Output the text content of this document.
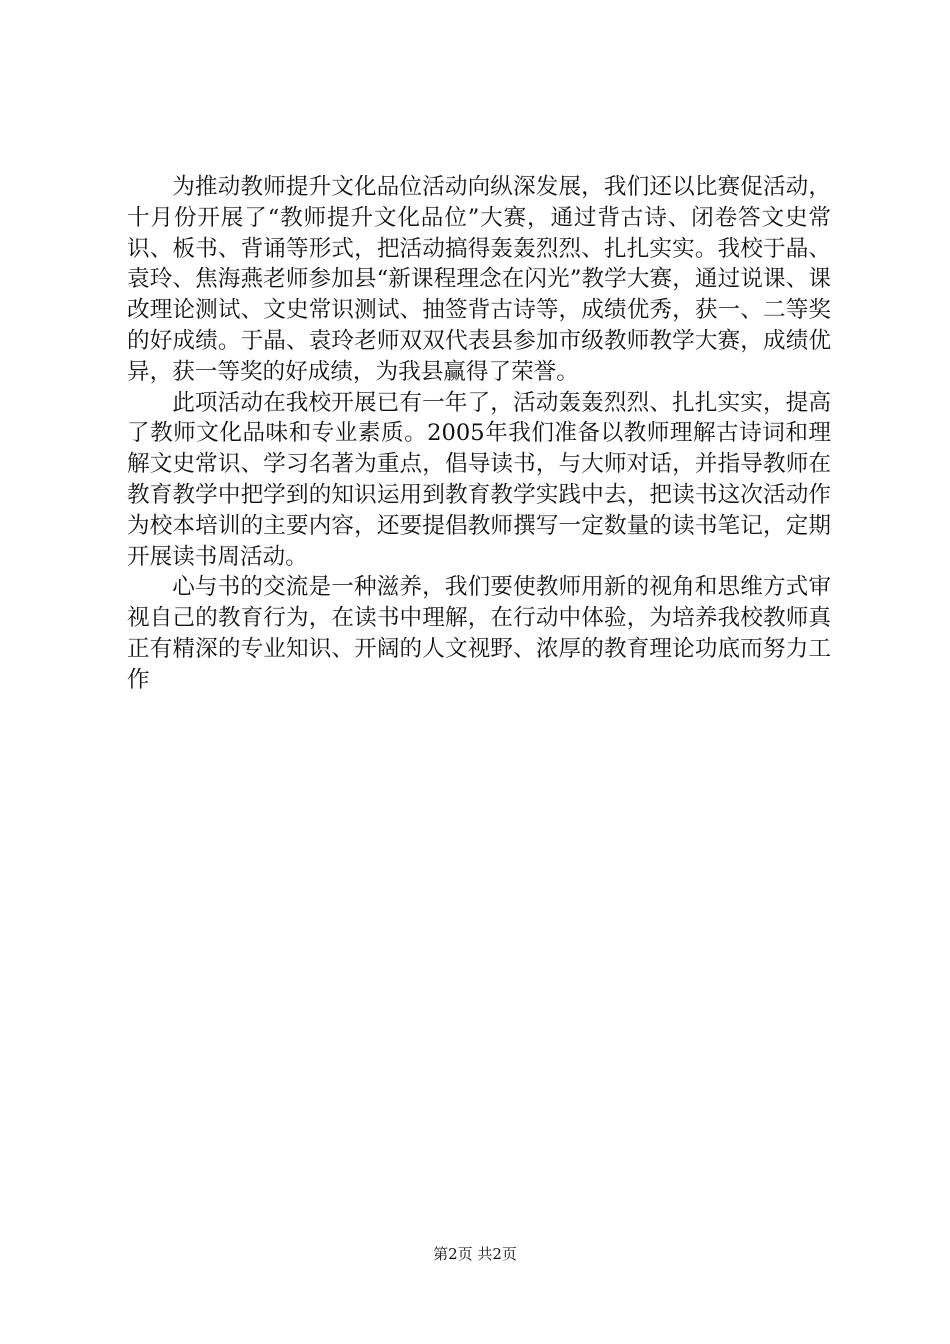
为推动教师提升文化品位活动向纵深发展，我们还以比赛促活动，十月份开展了“教师提升文化品位”大赛，通过背古诗、闭卷答文史常识、板书、背诵等形式，把活动搞得轰轰烈烈、扎扎实实。我校于晶、袁玲、焦海燕老师参加县“新课程理念在闪光”教学大赛，通过说课、课改理论测试、文史常识测试、抽签背古诗等，成绩优秀，获一、二等奖的好成绩。于晶、袁玲老师双双代表县参加市级教师教学大赛，成绩优异，获一等奖的好成绩，为我县赢得了荣誉。

此项活动在我校开展已有一年了，活动轰轰烈烈、扎扎实实，提高了教师文化品味和专业素质。2005年我们准备以教师理解古诗词和理解文史常识、学习名著为重点，倡导读书，与大师对话，并指导教师在教育教学中把学到的知识运用到教育教学实践中去，把读书这次活动作为校本培训的主要内容，还要提倡教师撰写一定数量的读书笔记，定期开展读书周活动。

心与书的交流是一种滋养，我们要使教师用新的视角和思维方式审视自己的教育行为，在读书中理解，在行动中体验，为培养我校教师真正有精深的专业知识、开阔的人文视野、浓厚的教育理论功底而努力工作

第2页 共2页
